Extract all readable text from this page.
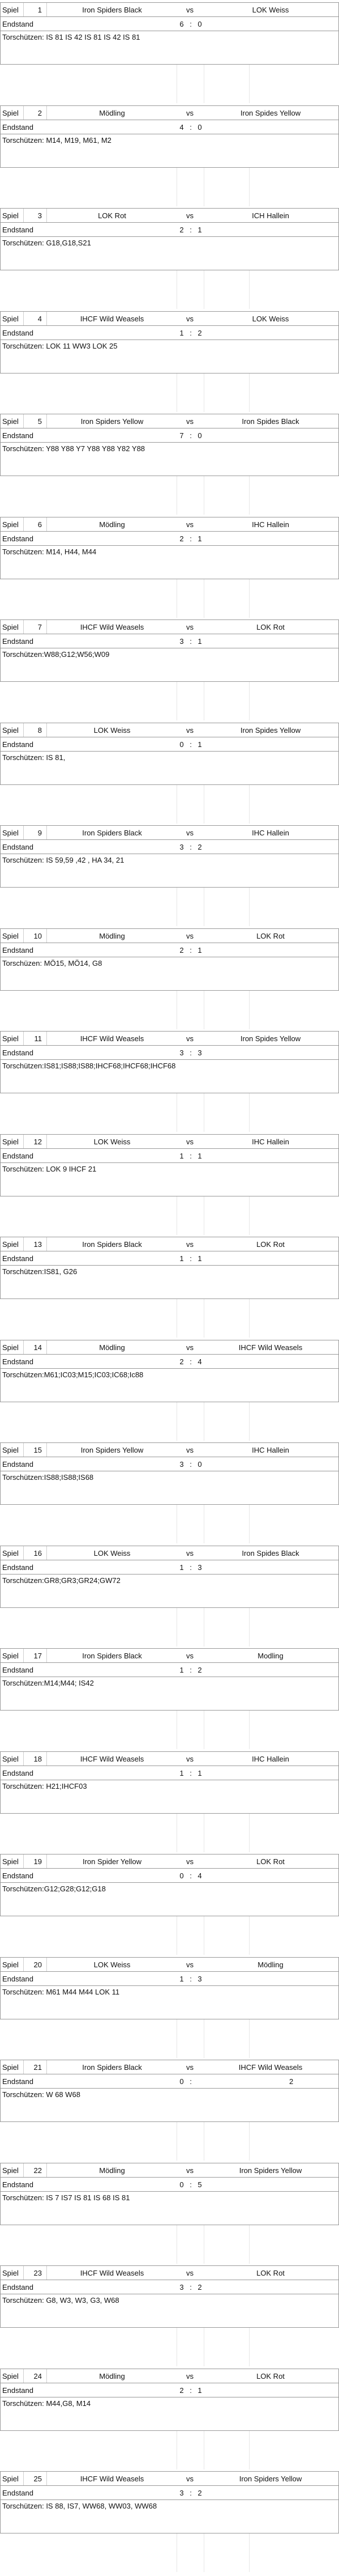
Spiel	1	Iron Spiders Black	vs	LOK Weiss
Endstand	6 : 0
Torschützen: IS 81 IS 42 IS 81 IS 42 IS 81
Spiel	2	Mödling	vs	Iron Spides Yellow
Endstand	4 : 0
Torschützen: M14, M19, M61, M2
Spiel	3	LOK Rot	vs	ICH Hallein
Endstand	2 : 1
Torschützen: G18,G18,S21
Spiel	4	IHCF Wild Weasels	vs	LOK Weiss
Endstand	1 : 2
Torschützen: LOK 11 WW3 LOK 25
Spiel	5	Iron Spiders Yellow	vs	Iron Spides Black
Endstand	7 : 0
Torschützen: Y88 Y88 Y7 Y88 Y88 Y82 Y88
Spiel	6	Mödling	vs	IHC Hallein
Endstand	2 : 1
Torschützen: M14, H44, M44
Spiel	7	IHCF Wild Weasels	vs	LOK Rot
Endstand	3 : 1
Torschützen:W88;G12;W56;W09
Spiel	8	LOK Weiss	vs	Iron Spides Yellow
Endstand	0 : 1
Torschützen: IS 81,
Spiel	9	Iron Spiders Black	vs	IHC Hallein
Endstand	3 : 2
Torschützen: IS 59,59 ,42 , HA 34, 21
Spiel	10	Mödling	vs	LOK Rot
Endstand	2 : 1
Torschüzen: MÖ15, MÖ14, G8
Spiel	11	IHCF Wild Weasels	vs	Iron Spides Yellow
Endstand	3 : 3
Torschützen:IS81;IS88;IS88;IHCF68;IHCF68;IHCF68
Spiel	12	LOK Weiss	vs	IHC Hallein
Endstand	1 : 1
Torschützen: LOK 9 IHCF 21
Spiel	13	Iron Spiders Black	vs	LOK Rot
Endstand	1 : 1
Torschützen:IS81, G26
Spiel	14	Mödling	vs	IHCF Wild Weasels
Endstand	2 : 4
Torschützen:M61;IC03;M15;IC03;IC68;Ic88
Spiel	15	Iron Spiders Yellow	vs	IHC Hallein
Endstand	3 : 0
Torschützen:IS88;IS88;IS68
Spiel	16	LOK Weiss	vs	Iron Spides Black
Endstand	1 : 3
Torschützen:GR8;GR3;GR24;GW72
Spiel	17	Iron Spiders Black	vs	Modling
Endstand	1 : 2
Torschützen:M14;M44; IS42
Spiel	18	IHCF Wild Weasels	vs	IHC Hallein
Endstand	1 : 1
Torschützen: H21;IHCF03
Spiel	19	Iron Spider Yellow	vs	LOK Rot
Endstand	0 : 4
Torschützen:G12;G28;G12;G18
Spiel	20	LOK Weiss	vs	Mödling
Endstand	1 : 3
Torschützen: M61 M44 M44 LOK 11
Spiel	21	Iron Spiders Black	vs	IHCF Wild Weasels
Endstand	0 :	2
Torschützen: W 68 W68
Spiel	22	Mödling	vs	Iron Spiders Yellow
Endstand	0 : 5
Torschützen: IS 7 IS7 IS 81 IS 68 IS 81
Spiel	23	IHCF Wild Weasels	vs	LOK Rot
Endstand	3 : 2
Torschützen: G8, W3, W3, G3, W68
Spiel	24	Mödling	vs	LOK Rot
Endstand	2 : 1
Torschützen: M44,G8, M14
Spiel	25	IHCF Wild Weasels	vs	Iron Spiders Yellow
Endstand	3 : 2
Torschützen: IS 88, IS7, WW68, WW03, WW68
